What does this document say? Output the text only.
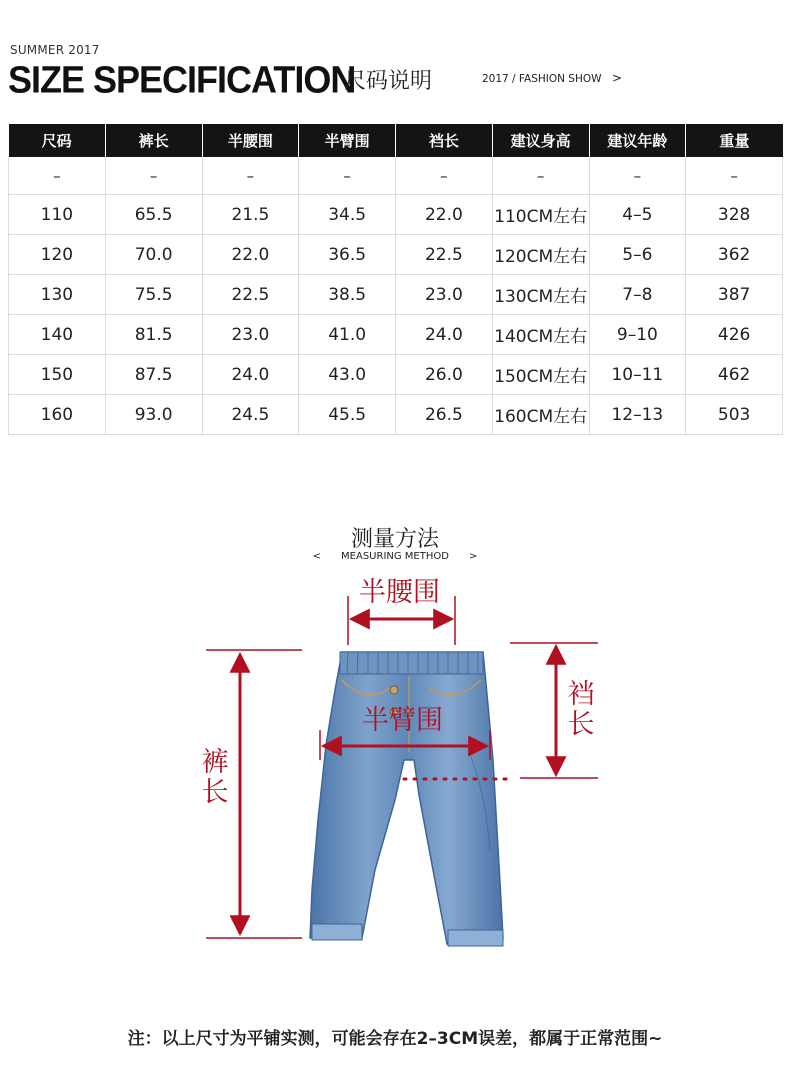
SUMMER 2017
SIZE SPECIFICATION
尺码说明	2017 / FASHION SHOW >
尺码	裤长	半腰围	半臂围	裆长	建议身高	建议年龄	重量
–	–	–	–	–	–	–	–
110	65.5	21.5	34.5	22.0	110CM左右	4–5	328
120	70.0	22.0	36.5	22.5	120CM左右	5–6	362
130	75.5	22.5	38.5	23.0	130CM左右	7–8	387
140	81.5	23.0	41.0	24.0	140CM左右	9–10	426
150	87.5	24.0	43.0	26.0	150CM左右	10–11	462
160	93.0	24.5	45.5	26.5	160CM左右	12–13	503
测量方法
< MEASURING METHOD >
半腰围
半臂围
裤长
裆长
注：以上尺寸为平铺实测，可能会存在2–3CM误差，都属于正常范围~
